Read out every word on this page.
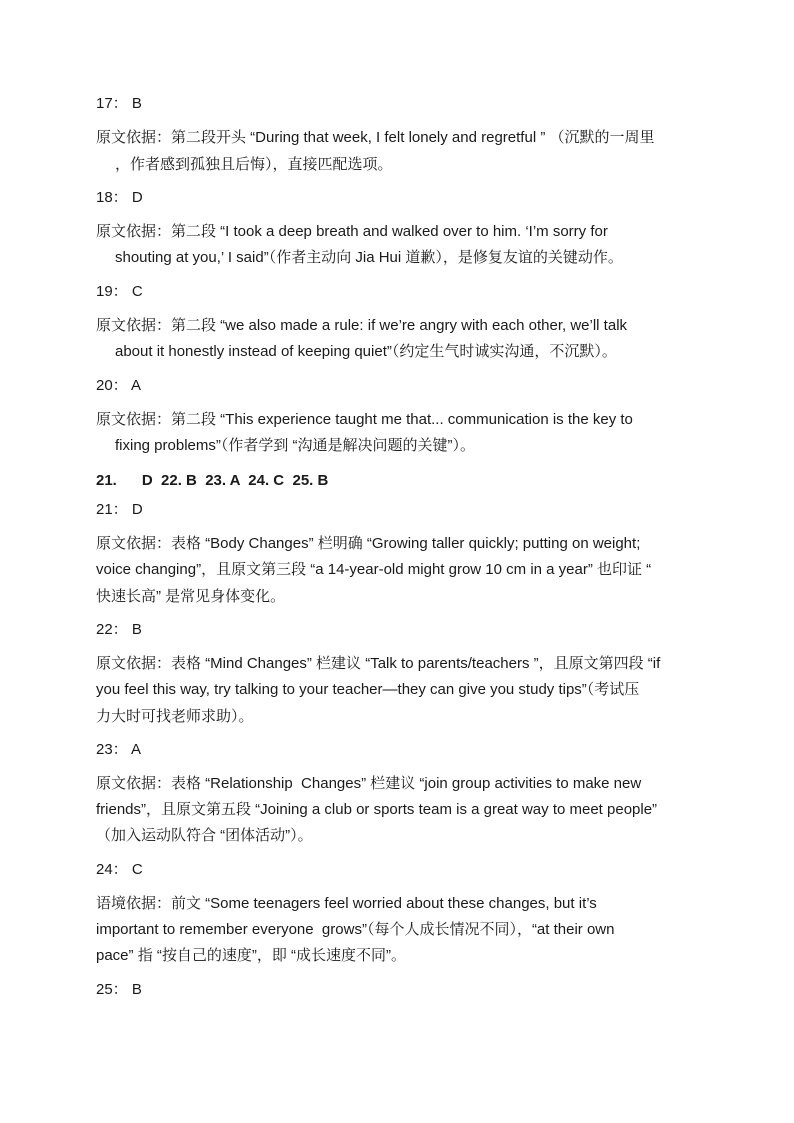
17： B
原文依据：第二段开头 “During that week, I felt lonely and regretful ” （沉默的一周里
，作者感到孤独且后悔），直接匹配选项。
18： D
原文依据：第二段 “I took a deep breath and walked over to him. ‘I’m sorry for
shouting at you,’ I said”（作者主动向 Jia Hui 道歉），是修复友谊的关键动作。
19： C
原文依据：第二段 “we also made a rule: if we’re angry with each other, we’ll talk
about it honestly instead of keeping quiet”（约定生气时诚实沟通，不沉默）。
20： A
原文依据：第二段 “This experience taught me that... communication is the key to
fixing problems”（作者学到 “沟通是解决问题的关键”）。
21.      D  22. B  23. A  24. C  25. B
21： D
原文依据：表格 “Body Changes” 栏明确 “Growing taller quickly; putting on weight;
voice changing”，且原文第三段 “a 14-year-old might grow 10 cm in a year” 也印证 “
快速长高” 是常见身体变化。
22： B
原文依据：表格 “Mind Changes” 栏建议 “Talk to parents/teachers ”，且原文第四段 “if
you feel this way, try talking to your teacher—they can give you study tips”（考试压
力大时可找老师求助）。
23： A
原文依据：表格 “Relationship  Changes” 栏建议 “join group activities to make new
friends”，且原文第五段 “Joining a club or sports team is a great way to meet people”
（加入运动队符合 “团体活动”）。
24： C
语境依据：前文 “Some teenagers feel worried about these changes, but it’s
important to remember everyone  grows”（每个人成长情况不同），“at their own
pace” 指 “按自己的速度”，即 “成长速度不同”。
25： B
